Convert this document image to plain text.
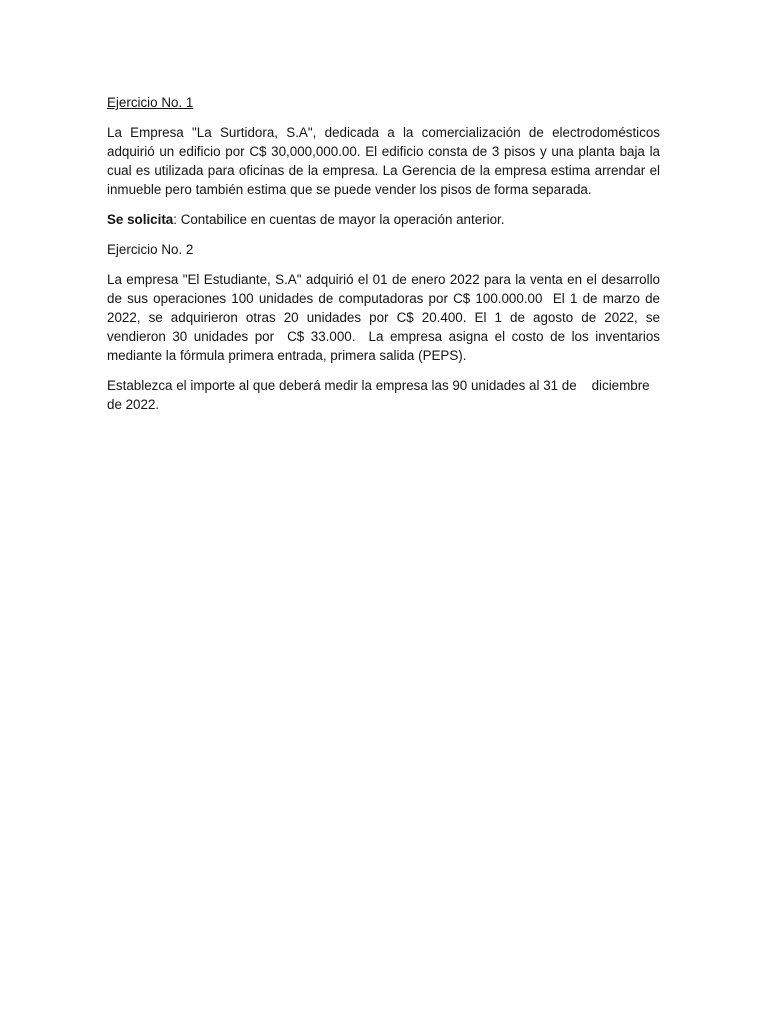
Ejercicio No. 1
La Empresa "La Surtidora, S.A", dedicada a la comercialización de electrodomésticos
adquirió un edificio por C$ 30,000,000.00. El edificio consta de 3 pisos y una planta baja la
cual es utilizada para oficinas de la empresa. La Gerencia de la empresa estima arrendar el
inmueble pero también estima que se puede vender los pisos de forma separada.
Se solicita: Contabilice en cuentas de mayor la operación anterior.
Ejercicio No. 2
La empresa "El Estudiante, S.A" adquirió el 01 de enero 2022 para la venta en el desarrollo
de sus operaciones 100 unidades de computadoras por C$ 100.000.00  El 1 de marzo de
2022, se adquirieron otras 20 unidades por C$ 20.400. El 1 de agosto de 2022, se
vendieron 30 unidades por  C$ 33.000.  La empresa asigna el costo de los inventarios
mediante la fórmula primera entrada, primera salida (PEPS).
Establezca el importe al que deberá medir la empresa las 90 unidades al 31 de    diciembre
de 2022.
